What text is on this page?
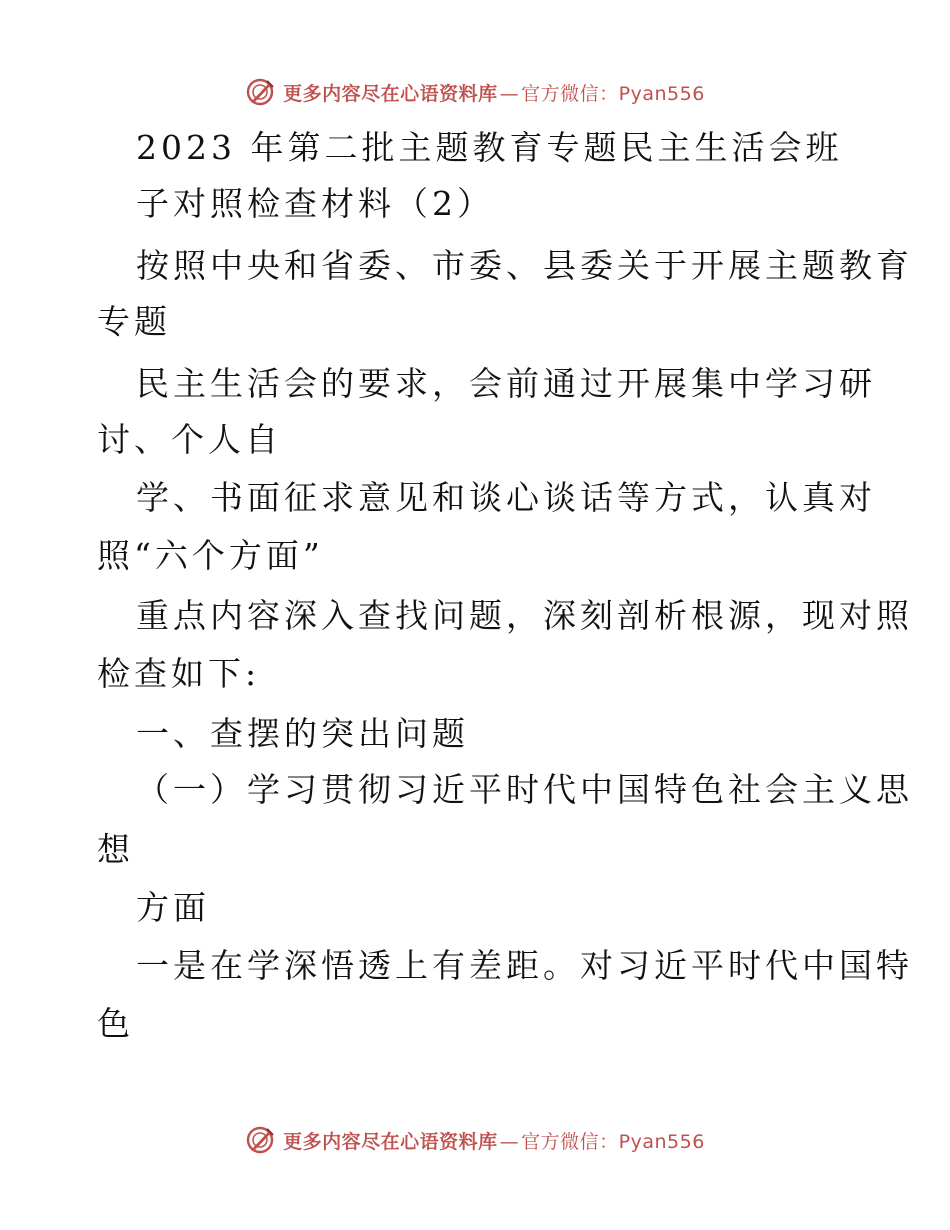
更多内容尽在心语资料库 — 官方微信：Pyan556
2023 年第二批主题教育专题民主生活会班
子对照检查材料（2）
按照中央和省委、市委、县委关于开展主题教育
专题
民主生活会的要求，会前通过开展集中学习研
讨、个人自
学、书面征求意见和谈心谈话等方式，认真对
照“六个方面”
重点内容深入查找问题，深刻剖析根源，现对照
检查如下:
一、查摆的突出问题
（一）学习贯彻习近平时代中国特色社会主义思
想
方面
一是在学深悟透上有差距。对习近平时代中国特
色
更多内容尽在心语资料库 — 官方微信：Pyan556
